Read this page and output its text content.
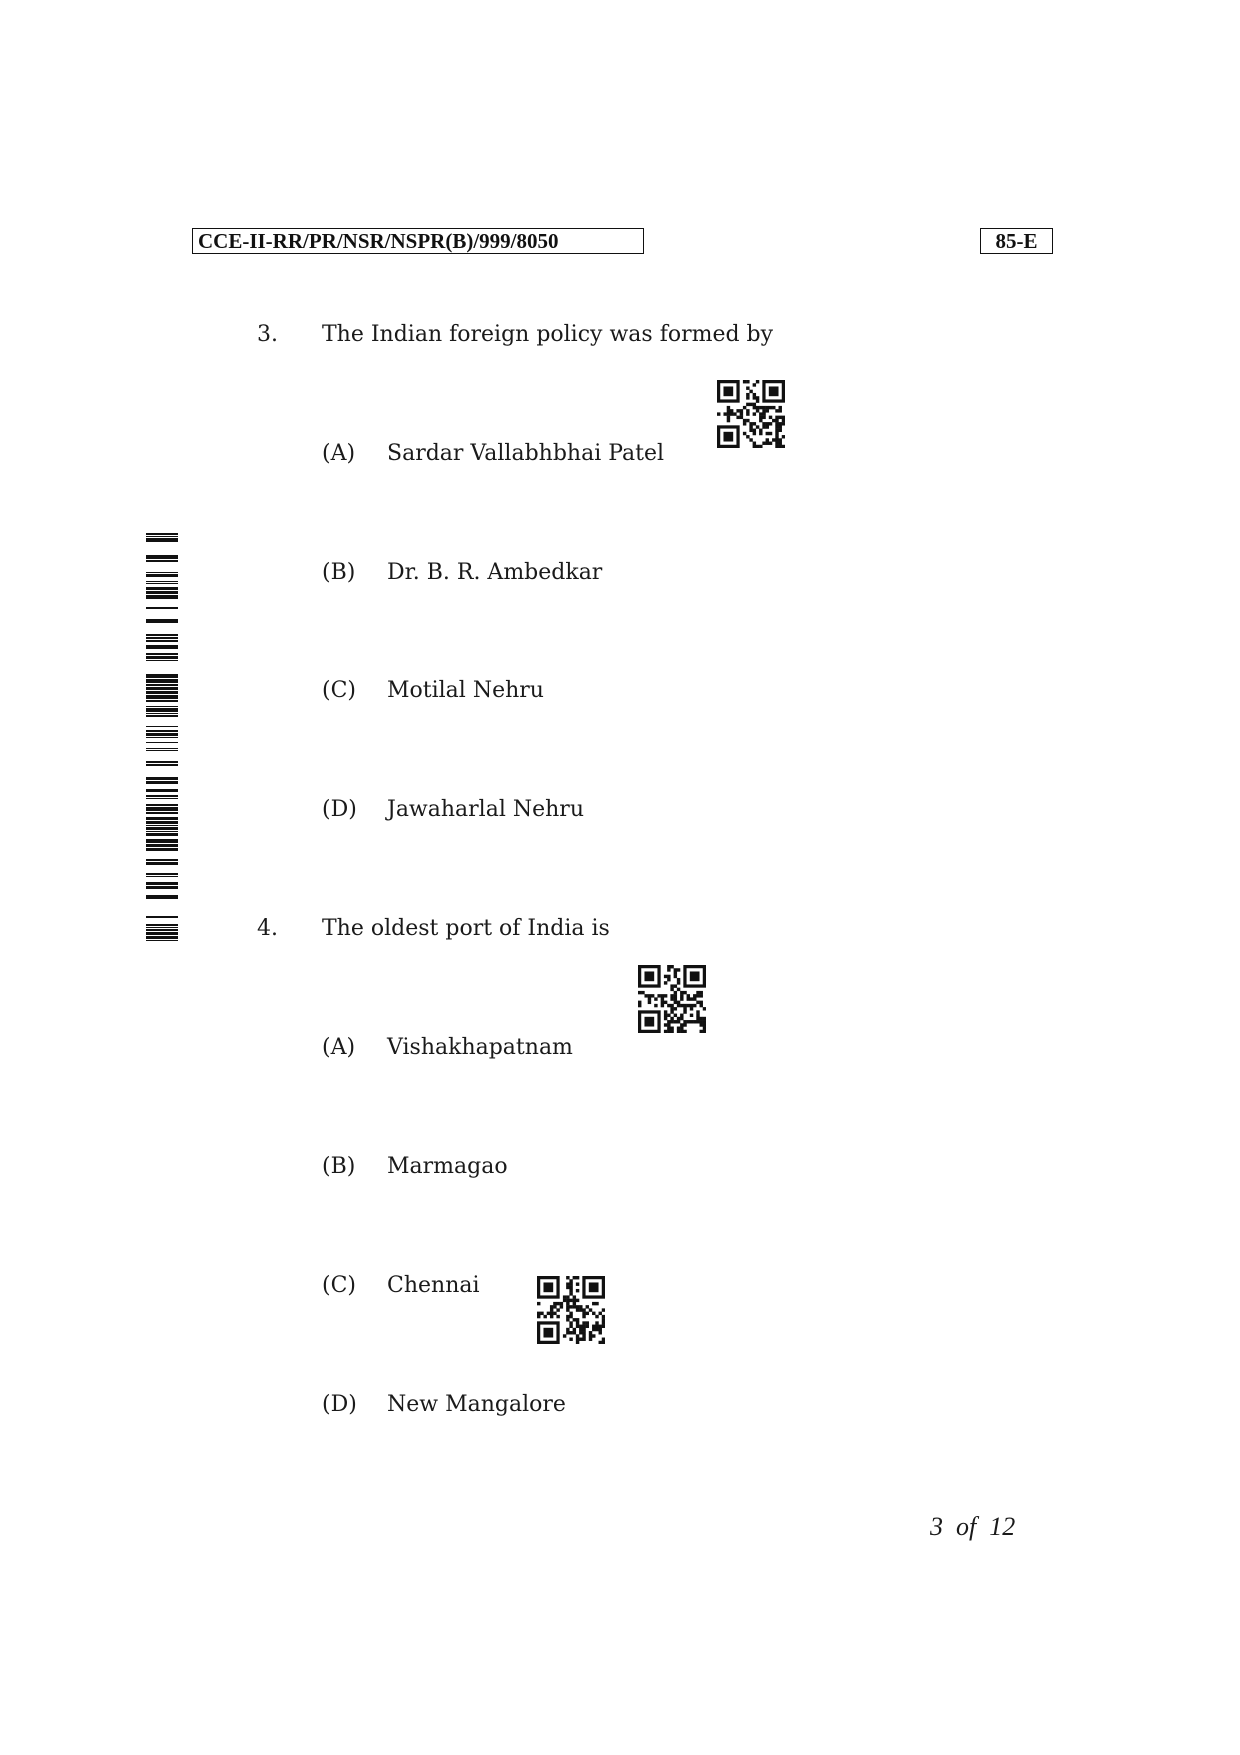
CCE-II-RR/PR/NSR/NSPR(B)/999/8050	85-E
3. The Indian foreign policy was formed by
(A) Sardar Vallabhbhai Patel
(B) Dr. B. R. Ambedkar
(C) Motilal Nehru
(D) Jawaharlal Nehru
4. The oldest port of India is
(A) Vishakhapatnam
(B) Marmagao
(C) Chennai
(D) New Mangalore
3  of  12
